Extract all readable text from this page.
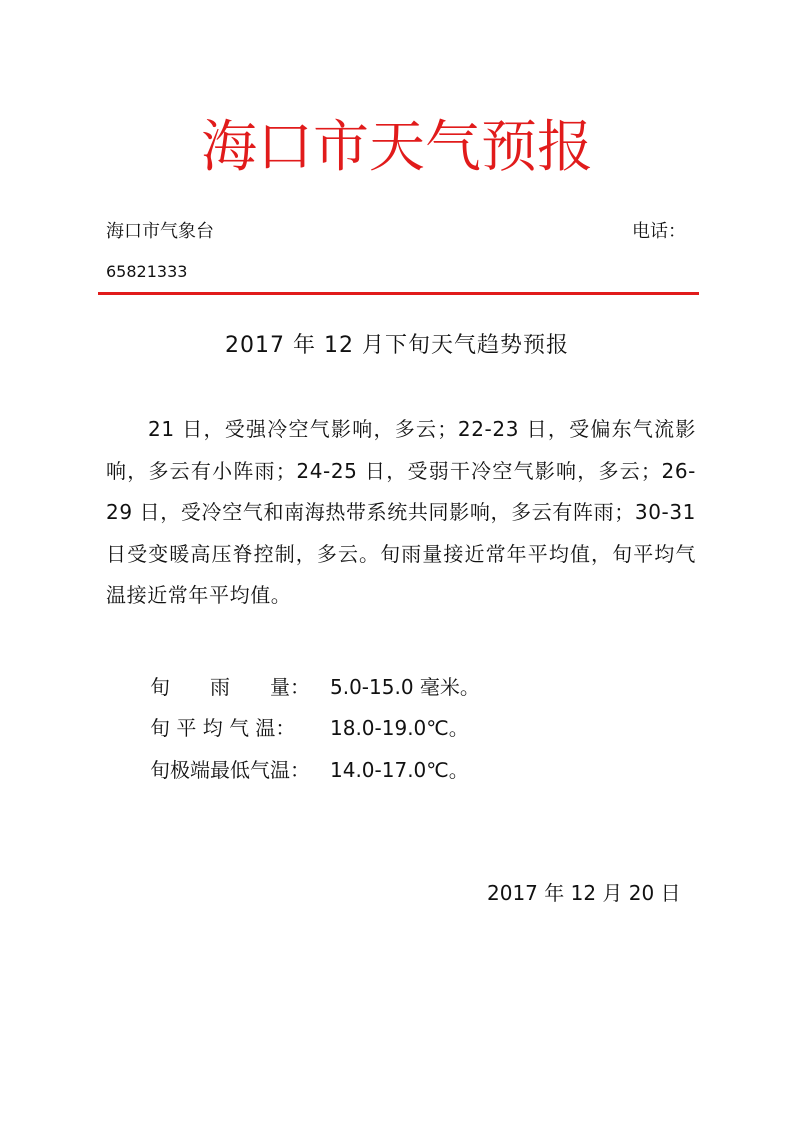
海口市天气预报
海口市气象台	电话：
65821333
2017 年 12 月下旬天气趋势预报
21 日，受强冷空气影响，多云；22-23 日，受偏东气流影响，多云有小阵雨；24-25 日，受弱干冷空气影响，多云；26-29 日，受冷空气和南海热带系统共同影响，多云有阵雨；30-31 日受变暖高压脊控制，多云。旬雨量接近常年平均值，旬平均气温接近常年平均值。
旬　　雨　　量：	5.0-15.0 毫米。
旬 平 均 气 温：	18.0-19.0℃。
旬极端最低气温：	14.0-17.0℃。
2017 年 12 月 20 日
